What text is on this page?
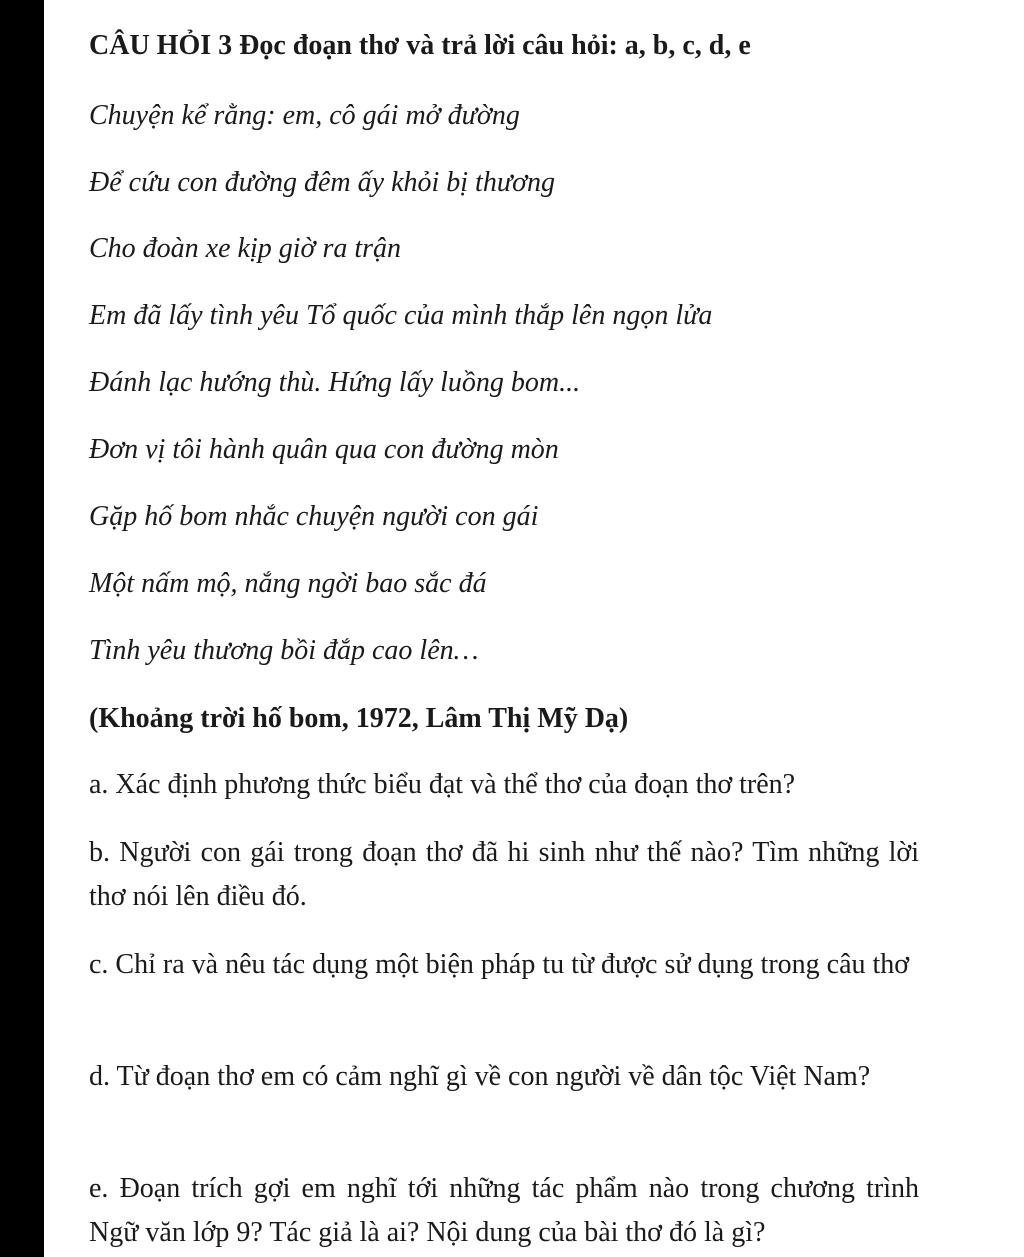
CÂU HỎI 3 Đọc đoạn thơ và trả lời câu hỏi: a, b, c, d, e

Chuyện kể rằng: em, cô gái mở đường

Để cứu con đường đêm ấy khỏi bị thương

Cho đoàn xe kịp giờ ra trận

Em đã lấy tình yêu Tổ quốc của mình thắp lên ngọn lửa

Đánh lạc hướng thù. Hứng lấy luồng bom...

Đơn vị tôi hành quân qua con đường mòn

Gặp hố bom nhắc chuyện người con gái

Một nấm mộ, nắng ngời bao sắc đá

Tình yêu thương bồi đắp cao lên…

(Khoảng trời hố bom, 1972, Lâm Thị Mỹ Dạ)

a. Xác định phương thức biểu đạt và thể thơ của đoạn thơ trên?

b. Người con gái trong đoạn thơ đã hi sinh như thế nào? Tìm những lời thơ nói lên điều đó.

c. Chỉ ra và nêu tác dụng một biện pháp tu từ được sử dụng trong câu thơ

d. Từ đoạn thơ em có cảm nghĩ gì về con người về dân tộc Việt Nam?

e. Đoạn trích gợi em nghĩ tới những tác phẩm nào trong chương trình Ngữ văn lớp 9? Tác giả là ai? Nội dung của bài thơ đó là gì?
